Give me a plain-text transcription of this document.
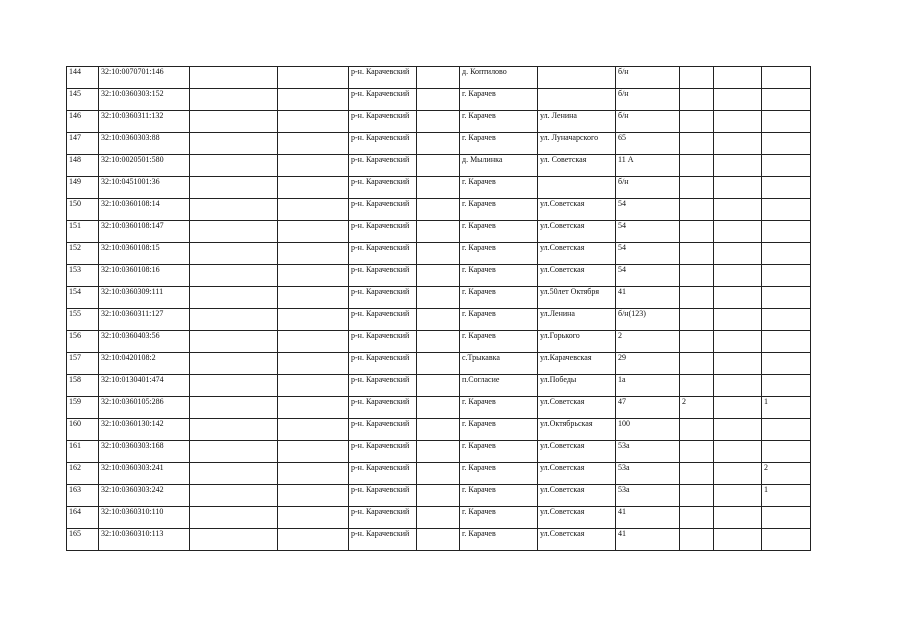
144	32:10:0070701:146			р-н. Карачевский		д. Коптилово		б/н			
145	32:10:0360303:152			р-н. Карачевский		г. Карачев		б/н			
146	32:10:0360311:132			р-н. Карачевский		г. Карачев	ул. Ленина	б/н			
147	32:10:0360303:88			р-н. Карачевский		г. Карачев	ул. Луначарского	65			
148	32:10:0020501:580			р-н. Карачевский		д. Мылинка	ул. Советская	11 А			
149	32:10:0451001:36			р-н. Карачевский		г. Карачев		б/н			
150	32:10:0360108:14			р-н. Карачевский		г. Карачев	ул.Советская	54			
151	32:10:0360108:147			р-н. Карачевский		г. Карачев	ул.Советская	54			
152	32:10:0360108:15			р-н. Карачевский		г. Карачев	ул.Советская	54			
153	32:10:0360108:16			р-н. Карачевский		г. Карачев	ул.Советская	54			
154	32:10:0360309:111			р-н. Карачевский		г. Карачев	ул.50лет Октября	41			
155	32:10:0360311:127			р-н. Карачевский		г. Карачев	ул.Ленина	б/н(123)			
156	32:10:0360403:56			р-н. Карачевский		г. Карачев	ул.Горького	2			
157	32:10:0420108:2			р-н. Карачевский		с.Трыкавка	ул.Карачевская	29			
158	32:10:0130401:474			р-н. Карачевский		п.Согласие	ул.Победы	1а			
159	32:10:0360105:286			р-н. Карачевский		г. Карачев	ул.Советская	47	2		1
160	32:10:0360130:142			р-н. Карачевский		г. Карачев	ул.Октябрьская	100			
161	32:10:0360303:168			р-н. Карачевский		г. Карачев	ул.Советская	53а			
162	32:10:0360303:241			р-н. Карачевский		г. Карачев	ул.Советская	53а			2
163	32:10:0360303:242			р-н. Карачевский		г. Карачев	ул.Советская	53а			1
164	32:10:0360310:110			р-н. Карачевский		г. Карачев	ул.Советская	41			
165	32:10:0360310:113			р-н. Карачевский		г. Карачев	ул.Советская	41			
